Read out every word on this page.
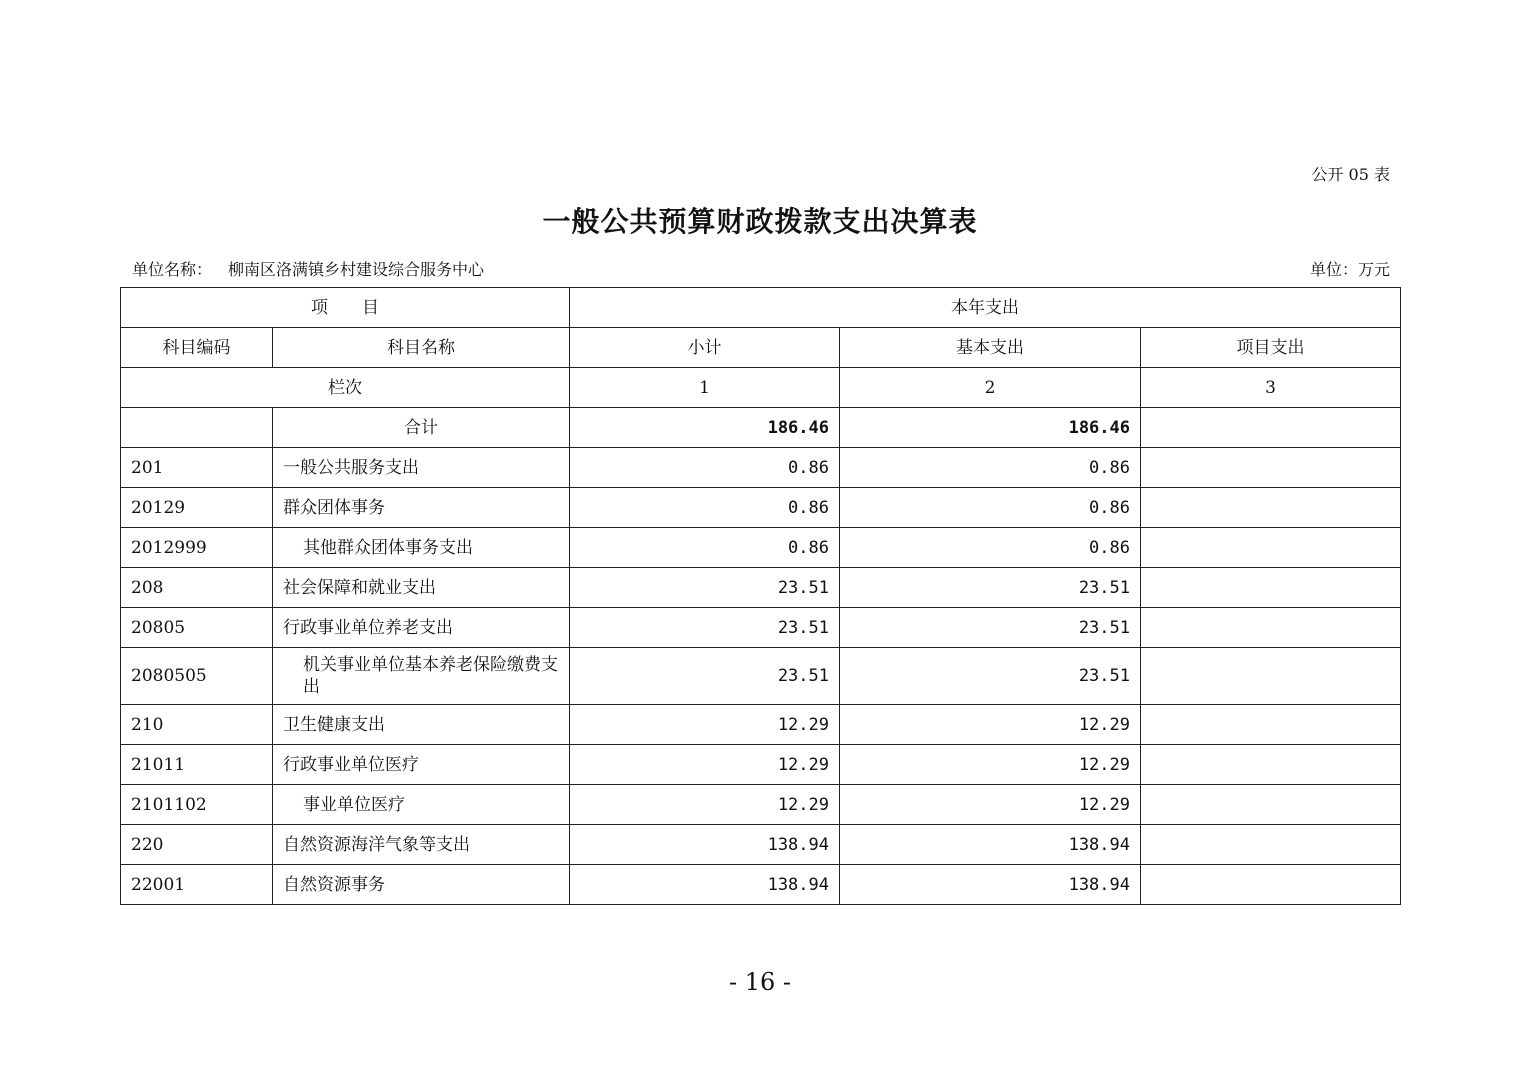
公开 05 表
一般公共预算财政拨款支出决算表
单位名称： 柳南区洛满镇乡村建设综合服务中心	单位：万元
项　　目		本年支出		
科目编码	科目名称	小计	基本支出	项目支出
栏次		1	2	3
	合计	186.46	186.46	
201	一般公共服务支出	0.86	0.86	
20129	群众团体事务	0.86	0.86	
2012999	其他群众团体事务支出	0.86	0.86	
208	社会保障和就业支出	23.51	23.51	
20805	行政事业单位养老支出	23.51	23.51	
2080505	机关事业单位基本养老保险缴费支出	23.51	23.51	
210	卫生健康支出	12.29	12.29	
21011	行政事业单位医疗	12.29	12.29	
2101102	事业单位医疗	12.29	12.29	
220	自然资源海洋气象等支出	138.94	138.94	
22001	自然资源事务	138.94	138.94	
- 16 -
